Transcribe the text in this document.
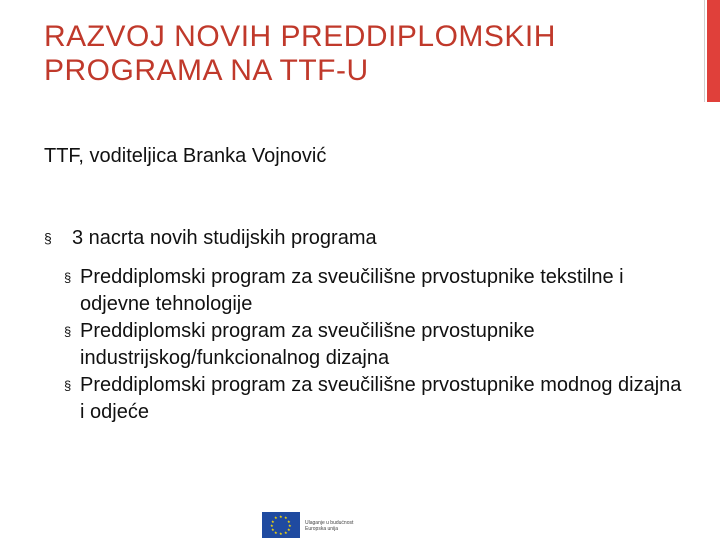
RAZVOJ NOVIH PREDDIPLOMSKIH
PROGRAMA NA TTF-U
TTF, voditeljica Branka Vojnović
§ 3 nacrta novih studijskih programa
§ Preddiplomski program za sveučilišne prvostupnike tekstilne i odjevne tehnologije
§ Preddiplomski program za sveučilišne prvostupnike industrijskog/funkcionalnog dizajna
§ Preddiplomski program za sveučilišne prvostupnike modnog dizajna i odjeće
★ ★
★
★
★
★
★
★
★
★
★
★
Ulaganje u budućnost
Europska unija
